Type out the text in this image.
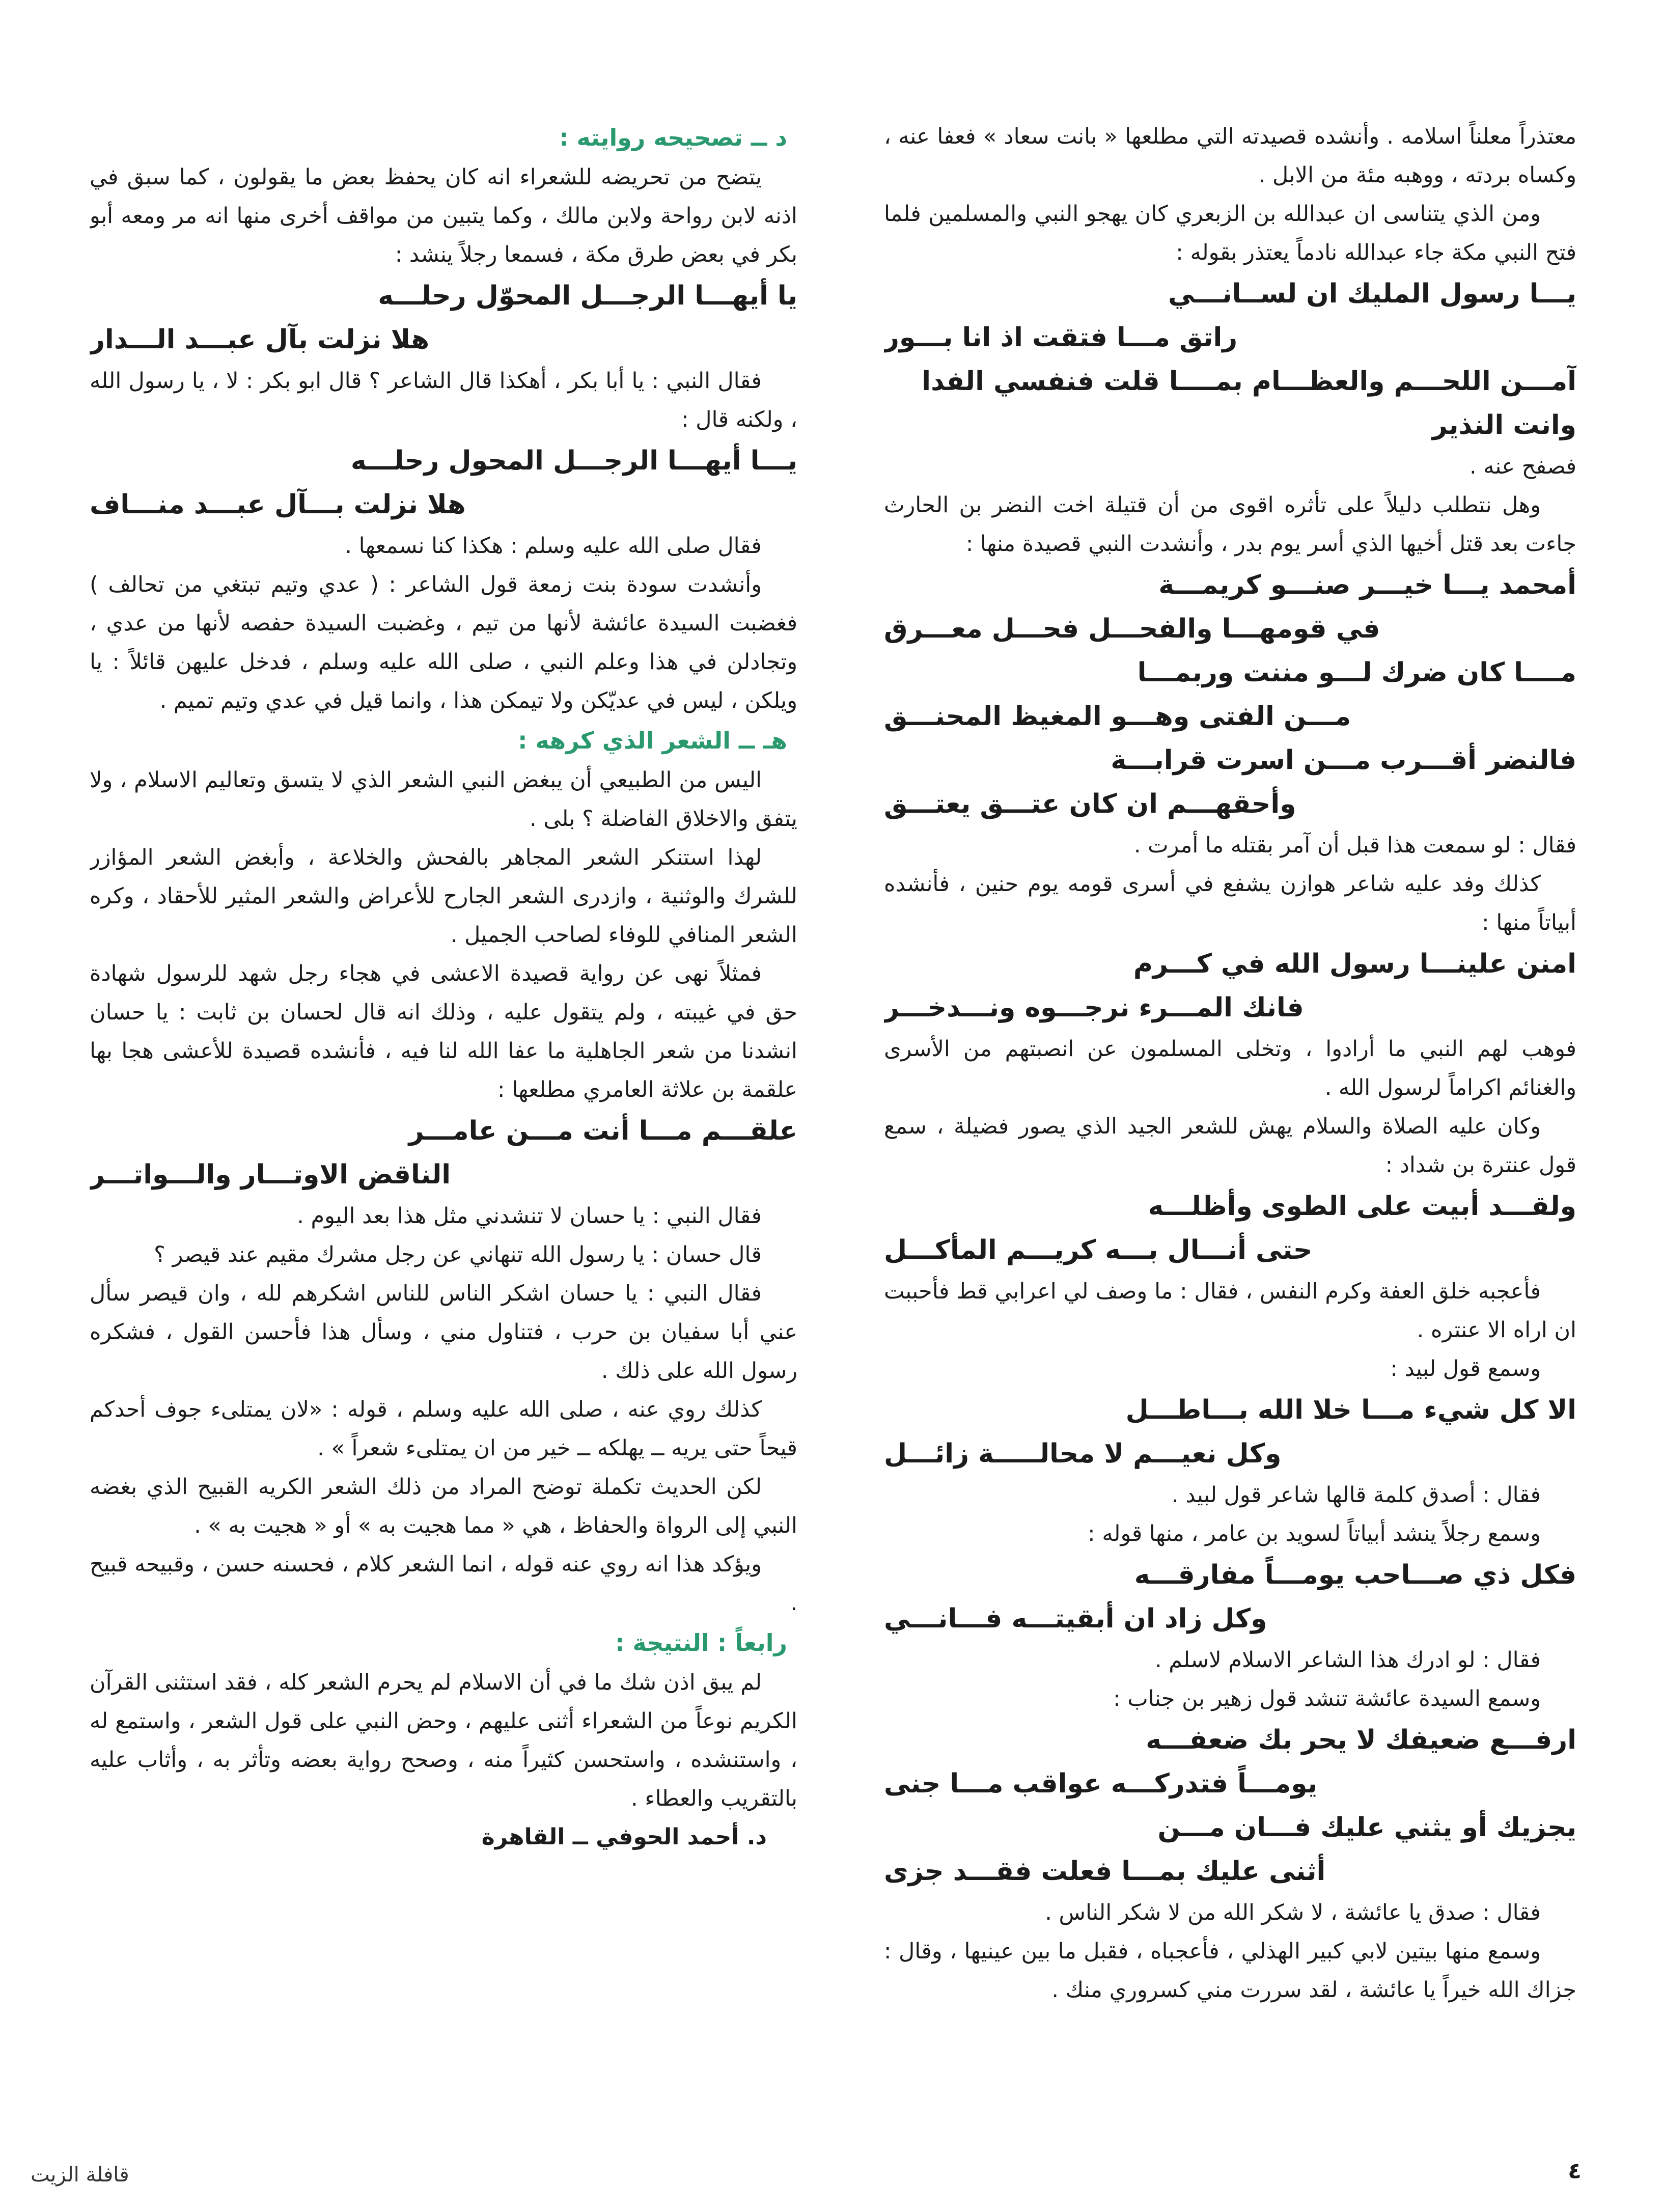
معتذراً معلناً اسلامه . وأنشده قصيدته التي مطلعها « بانت سعاد » فعفا عنه ، وكساه بردته ، ووهبه مئة من الابل .

ومن الذي يتناسى ان عبدالله بن الزبعري كان يهجو النبي والمسلمين فلما فتح النبي مكة جاء عبدالله نادماً يعتذر بقوله :

يـــا رسول المليك ان لســانـــي

راتق مـــا فتقت اذ انا بـــور

آمـــن اللحـــم والعظـــام بمــــا قلت فنفسي الفدا وانت النذير

فصفح عنه .

وهل نتطلب دليلاً على تأثره اقوى من أن قتيلة اخت النضر بن الحارث جاءت بعد قتل أخيها الذي أسر يوم بدر ، وأنشدت النبي قصيدة منها :

أمحمد يـــا خيـــر صنـــو كريمـــة

في قومهـــا والفحـــل فحـــل معـــرق

مــــا كان ضرك لـــو مننت وربمـــا

مـــن الفتى وهـــو المغيظ المحنـــق

فالنضر أقـــرب مـــن اسرت قرابـــة

وأحقهـــم ان كان عتـــق يعتـــق

فقال : لو سمعت هذا قبل أن آمر بقتله ما أمرت .

كذلك وفد عليه شاعر هوازن يشفع في أسرى قومه يوم حنين ، فأنشده أبياتاً منها :

امنن علينـــا رسول الله في كـــرم

فانك المـــرء نرجـــوه ونـــدخـــر

فوهب لهم النبي ما أرادوا ، وتخلى المسلمون عن انصبتهم من الأسرى والغنائم اكراماً لرسول الله .

وكان عليه الصلاة والسلام يهش للشعر الجيد الذي يصور فضيلة ، سمع قول عنترة بن شداد :

ولقـــد أبيت على الطوى وأظلـــه

حتى أنـــال بـــه كريـــم المأكـــل

فأعجبه خلق العفة وكرم النفس ، فقال : ما وصف لي اعرابي قط فأحببت ان اراه الا عنتره .

وسمع قول لبيد :

الا كل شيء مـــا خلا الله بـــاطـــل

وكل نعيـــم لا محالـــــة زائـــل

فقال : أصدق كلمة قالها شاعر قول لبيد .

وسمع رجلاً ينشد أبياتاً لسويد بن عامر ، منها قوله :

فكل ذي صـــاحب يومـــاً مفارقـــه

وكل زاد ان أبقيتـــه فـــانـــي

فقال : لو ادرك هذا الشاعر الاسلام لاسلم .

وسمع السيدة عائشة تنشد قول زهير بن جناب :

ارفـــع ضعيفك لا يحر بك ضعفـــه

يومـــاً فتدركـــه عواقب مـــا جنى

يجزيك أو يثني عليك فـــان مـــن

أثنى عليك بمـــا فعلت فقـــد جزى

فقال : صدق يا عائشة ، لا شكر الله من لا شكر الناس .

وسمع منها بيتين لابي كبير الهذلي ، فأعجباه ، فقبل ما بين عينيها ، وقال : جزاك الله خيراً يا عائشة ، لقد سررت مني كسروري منك .

د ــ تصحيحه روايته :

يتضح من تحريضه للشعراء انه كان يحفظ بعض ما يقولون ، كما سبق في اذنه لابن رواحة ولابن مالك ، وكما يتبين من مواقف أخرى منها انه مر ومعه أبو بكر في بعض طرق مكة ، فسمعا رجلاً ينشد :

يا أيهـــا الرجـــل المحوّل رحلـــه

هلا نزلت بآل عبـــد الـــدار

فقال النبي : يا أبا بكر ، أهكذا قال الشاعر ؟ قال ابو بكر : لا ، يا رسول الله ، ولكنه قال :

يـــا أيهـــا الرجـــل المحول رحلـــه

هلا نزلت بـــآل عبـــد منـــاف

فقال صلى الله عليه وسلم : هكذا كنا نسمعها .

وأنشدت سودة بنت زمعة قول الشاعر : ( عدي وتيم تبتغي من تحالف ) فغضبت السيدة عائشة لأنها من تيم ، وغضبت السيدة حفصه لأنها من عدي ، وتجادلن في هذا وعلم النبي ، صلى الله عليه وسلم ، فدخل عليهن قائلاً : يا ويلكن ، ليس في عديّكن ولا تيمكن هذا ، وانما قيل في عدي وتيم تميم .

هـ ــ الشعر الذي كرهه :

اليس من الطبيعي أن يبغض النبي الشعر الذي لا يتسق وتعاليم الاسلام ، ولا يتفق والاخلاق الفاضلة ؟ بلى .

لهذا استنكر الشعر المجاهر بالفحش والخلاعة ، وأبغض الشعر المؤازر للشرك والوثنية ، وازدرى الشعر الجارح للأعراض والشعر المثير للأحقاد ، وكره الشعر المنافي للوفاء لصاحب الجميل .

فمثلاً نهى عن رواية قصيدة الاعشى في هجاء رجل شهد للرسول شهادة حق في غيبته ، ولم يتقول عليه ، وذلك انه قال لحسان بن ثابت : يا حسان انشدنا من شعر الجاهلية ما عفا الله لنا فيه ، فأنشده قصيدة للأعشى هجا بها علقمة بن علاثة العامري مطلعها :

علقـــم مـــا أنت مـــن عامـــر

الناقض الاوتـــار والـــواتـــر

فقال النبي : يا حسان لا تنشدني مثل هذا بعد اليوم .

قال حسان : يا رسول الله تنهاني عن رجل مشرك مقيم عند قيصر ؟

فقال النبي : يا حسان اشكر الناس للناس اشكرهم لله ، وان قيصر سأل عني أبا سفيان بن حرب ، فتناول مني ، وسأل هذا فأحسن القول ، فشكره رسول الله على ذلك .

كذلك روي عنه ، صلى الله عليه وسلم ، قوله : «لان يمتلىء جوف أحدكم قيحاً حتى يريه ــ يهلكه ــ خير من ان يمتلىء شعراً » .

لكن الحديث تكملة توضح المراد من ذلك الشعر الكريه القبيح الذي بغضه النبي إلى الرواة والحفاظ ، هي « مما هجيت به » أو « هجيت به » .

ويؤكد هذا انه روي عنه قوله ، انما الشعر كلام ، فحسنه حسن ، وقبيحه قبيح .

رابعاً : النتيجة :

لم يبق اذن شك ما في أن الاسلام لم يحرم الشعر كله ، فقد استثنى القرآن الكريم نوعاً من الشعراء أثنى عليهم ، وحض النبي على قول الشعر ، واستمع له ، واستنشده ، واستحسن كثيراً منه ، وصحح رواية بعضه وتأثر به ، وأثاب عليه بالتقريب والعطاء .

د. أحمد الحوفي ــ القاهرة

٤
قافلة الزيت
